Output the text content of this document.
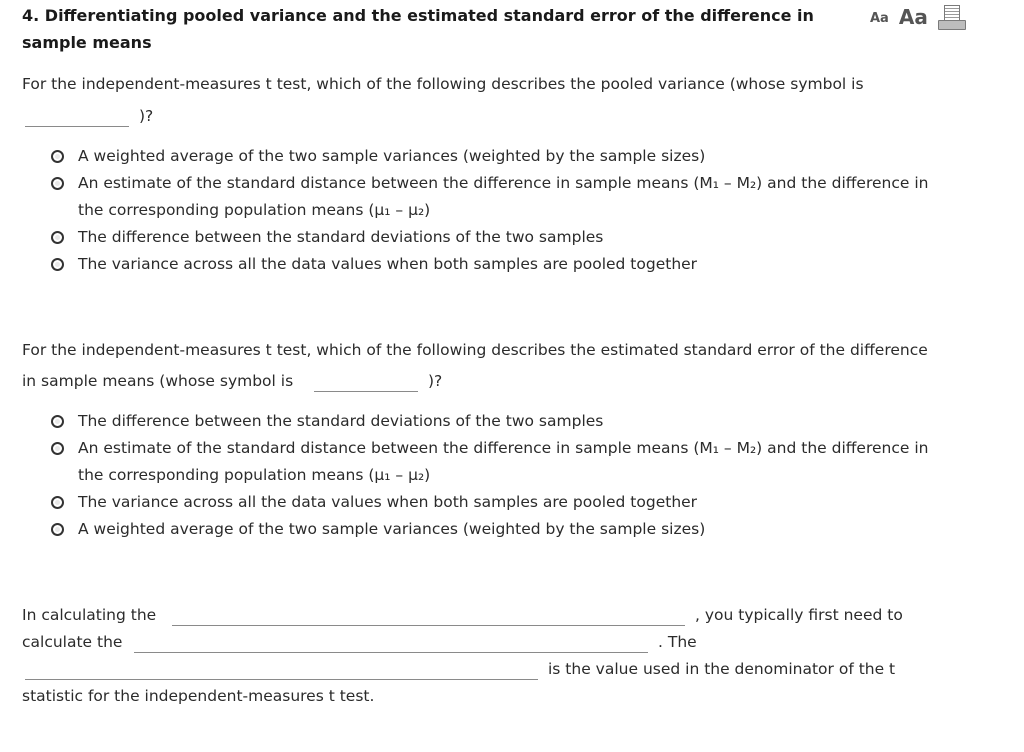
4. Differentiating pooled variance and the estimated standard error of the difference in
sample means
Aa Aa
For the independent-measures t test, which of the following describes the pooled variance (whose symbol is
)?
A weighted average of the two sample variances (weighted by the sample sizes)
An estimate of the standard distance between the difference in sample means (M₁ – M₂) and the difference in
the corresponding population means (μ₁ – μ₂)
The difference between the standard deviations of the two samples
The variance across all the data values when both samples are pooled together
For the independent-measures t test, which of the following describes the estimated standard error of the difference
in sample means (whose symbol is	)?
The difference between the standard deviations of the two samples
An estimate of the standard distance between the difference in sample means (M₁ – M₂) and the difference in
the corresponding population means (μ₁ – μ₂)
The variance across all the data values when both samples are pooled together
A weighted average of the two sample variances (weighted by the sample sizes)
In calculating the	, you typically first need to
calculate the	. The
is the value used in the denominator of the t
statistic for the independent-measures t test.
